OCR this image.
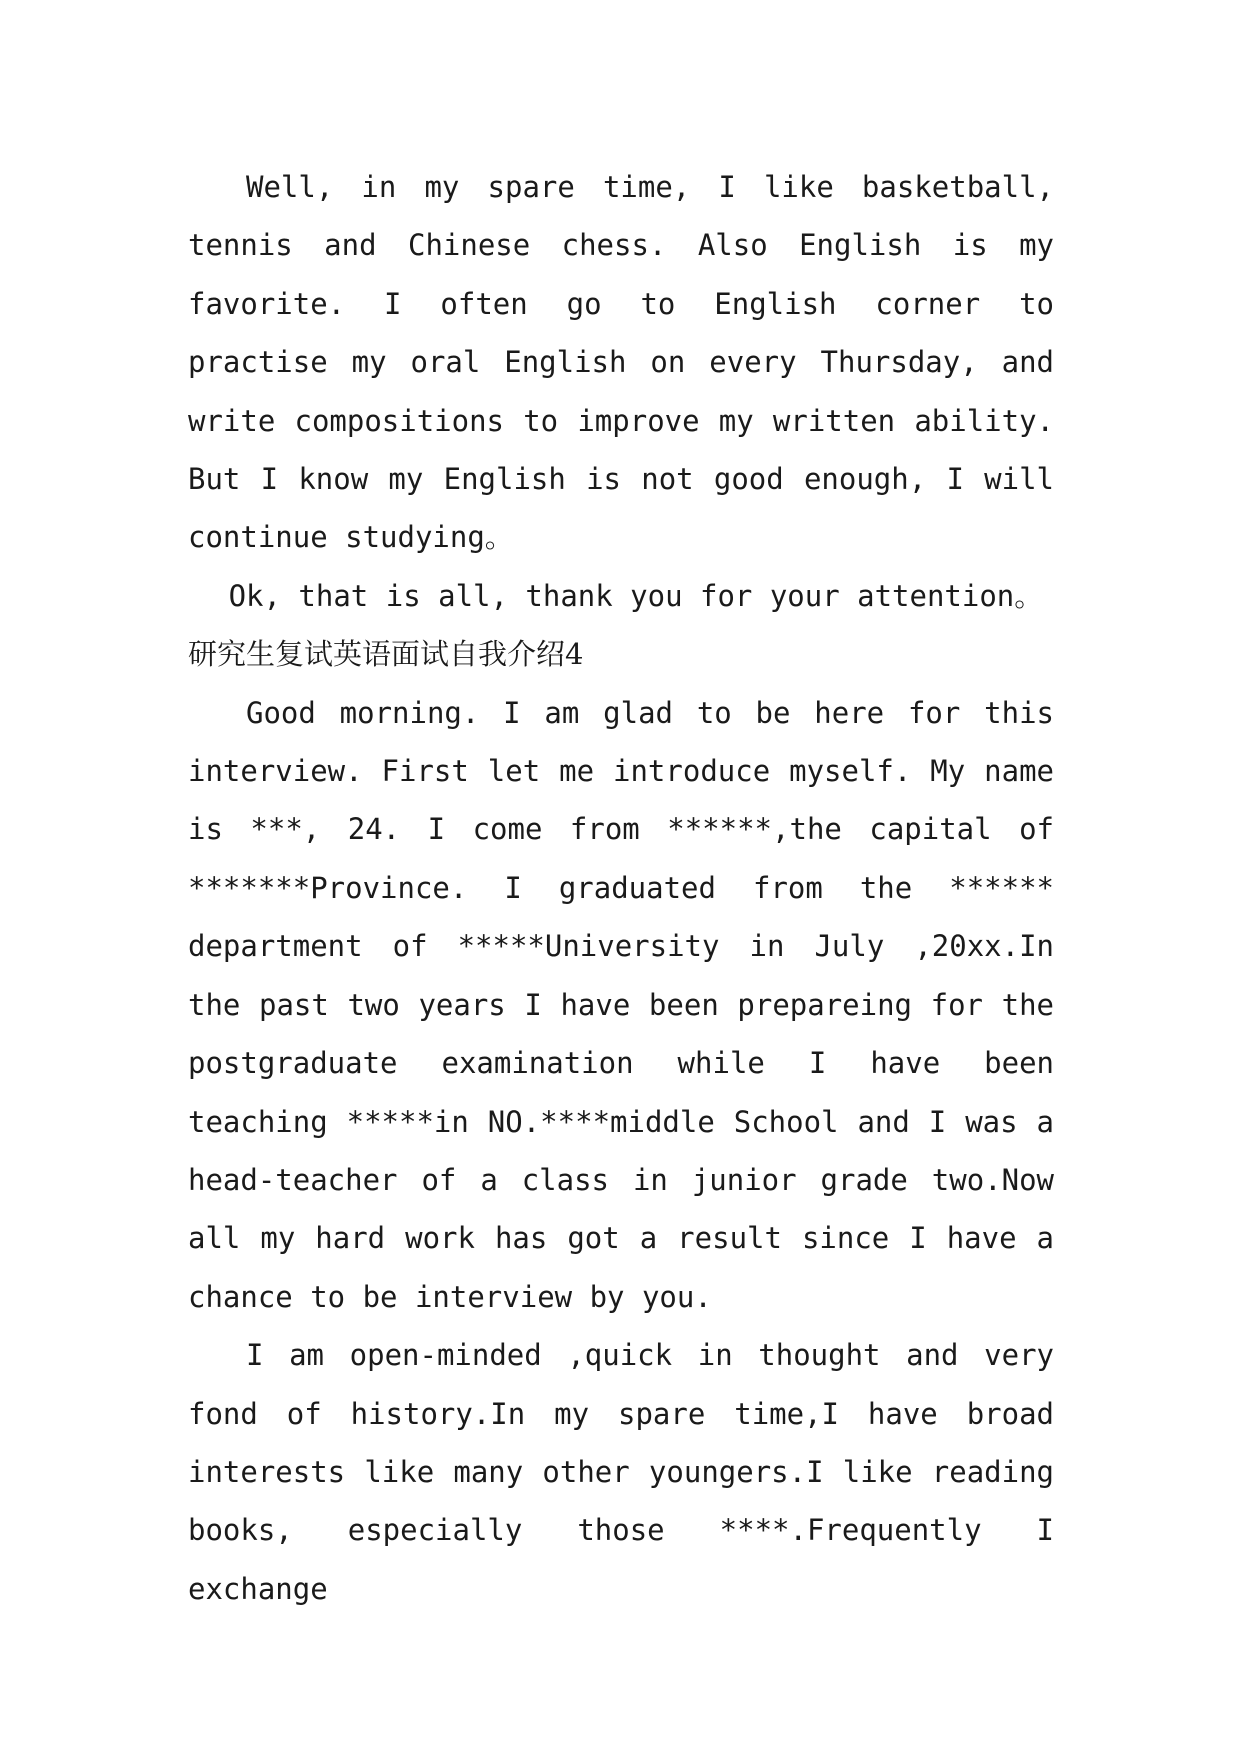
Well, in my spare time, I like basketball, tennis and Chinese chess. Also English is my favorite. I often go to English corner to practise my oral English on every Thursday, and write compositions to improve my written ability. But I know my English is not good enough, I will continue studying。

Ok, that is all, thank you for your attention。

研究生复试英语面试自我介绍4

Good morning. I am glad to be here for this interview. First let me introduce myself. My name is ***, 24. I come from ******,the capital of *******Province. I graduated from the ****** department of *****University in July ,20xx.In the past two years I have been prepareing for the postgraduate examination while I have been teaching *****in NO.****middle School and I was a head-teacher of a class in junior grade two.Now all my hard work has got a result since I have a chance to be interview by you.

I am open-minded ,quick in thought and very fond of history.In my spare time,I have broad interests like many other youngers.I like reading books, especially those ****.Frequently I exchange
